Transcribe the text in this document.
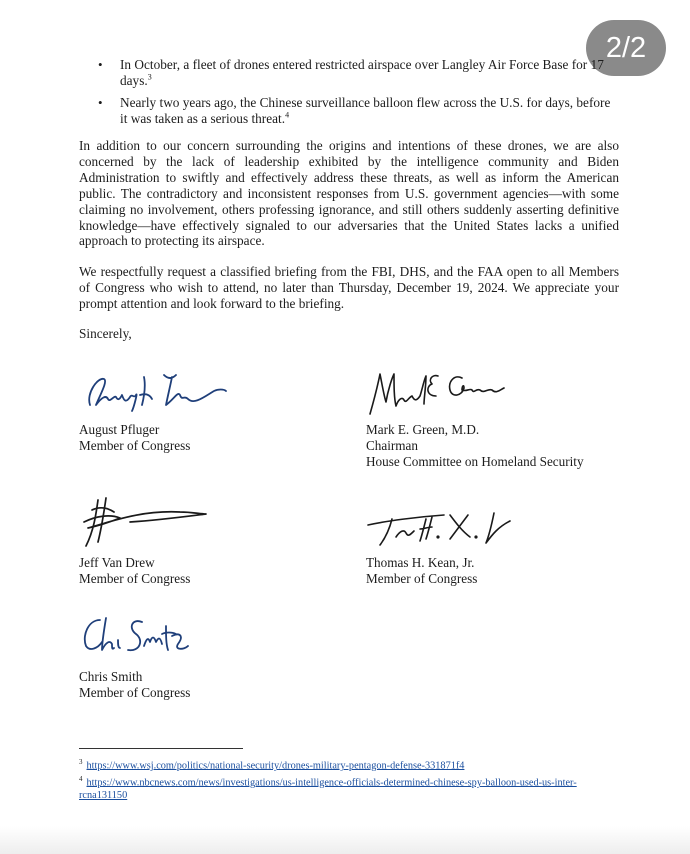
2/2
• In October, a fleet of drones entered restricted airspace over Langley Air Force Base for 17 days.$^3$
• Nearly two years ago, the Chinese surveillance balloon flew across the U.S. for days, before it was taken as a serious threat.$^4$

In addition to our concern surrounding the origins and intentions of these drones, we are also concerned by the lack of leadership exhibited by the intelligence community and Biden Administration to swiftly and effectively address these threats, as well as inform the American public. The contradictory and inconsistent responses from U.S. government agencies—with some claiming no involvement, others professing ignorance, and still others suddenly asserting definitive knowledge—have effectively signaled to our adversaries that the United States lacks a unified approach to protecting its airspace.

We respectfully request a classified briefing from the FBI, DHS, and the FAA open to all Members of Congress who wish to attend, no later than Thursday, December 19, 2024. We appreciate your prompt attention and look forward to the briefing.

Sincerely,

August Pfluger
Member of Congress
Mark E. Green, M.D.
Chairman
House Committee on Homeland Security
Jeff Van Drew
Member of Congress
Thomas H. Kean, Jr.
Member of Congress
Chris Smith
Member of Congress
$^3$ https://www.wsj.com/politics/national-security/drones-military-pentagon-defense-331871f4
$^4$ https://www.nbcnews.com/news/investigations/us-intelligence-officials-determined-chinese-spy-balloon-used-us-inter-rcna131150
